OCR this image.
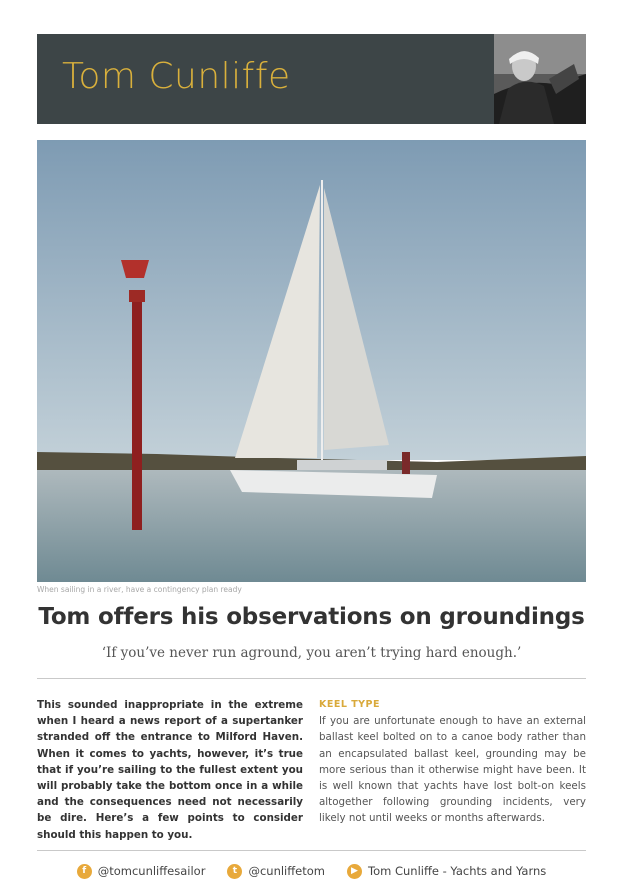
Tom Cunliffe
When sailing in a river, have a contingency plan ready
Tom offers his observations on groundings
‘If you’ve never run aground, you aren’t trying hard enough.’
This sounded inappropriate in the extreme when I heard a news report of a supertanker stranded off the entrance to Milford Haven. When it comes to yachts, however, it’s true that if you’re sailing to the fullest extent you will probably take the bottom once in a while and the consequences need not necessarily be dire. Here’s a few points to consider should this happen to you.
KEEL TYPE
If you are unfortunate enough to have an external ballast keel bolted on to a canoe body rather than an encapsulated ballast keel, grounding may be more serious than it otherwise might have been. It is well known that yachts have lost bolt-on keels altogether following grounding incidents, very likely not until weeks or months afterwards.
f	@tomcunliffesailor	t @cunliffetom	▶ Tom Cunliffe - Yachts and Yarns
